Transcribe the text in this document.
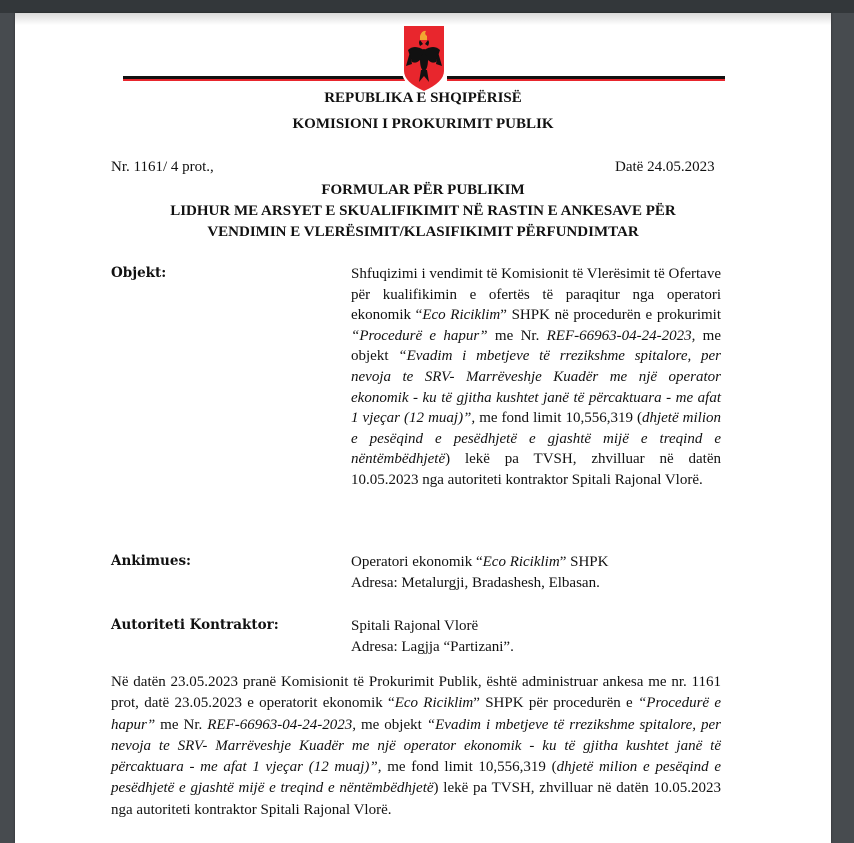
REPUBLIKA E SHQIPËRISË
KOMISIONI I PROKURIMIT PUBLIK
Nr. 1161/ 4 prot.,	Datë 24.05.2023
FORMULAR PËR PUBLIKIM
LIDHUR ME ARSYET E SKUALIFIKIMIT NË RASTIN E ANKESAVE PËR
VENDIMIN E VLERËSIMIT/KLASIFIKIMIT PËRFUNDIMTAR
Objekt:	Shfuqizimi i vendimit të Komisionit të Vlerësimit të Ofertave për kualifikimin e ofertës të paraqitur nga operatori ekonomik “Eco Riciklim” SHPK në procedurën e prokurimit “Procedurë e hapur” me Nr. REF-66963-04-24-2023, me objekt “Evadim i mbetjeve të rrezikshme spitalore, per nevoja te SRV- Marrëveshje Kuadër me një operator ekonomik - ku të gjitha kushtet janë të përcaktuara - me afat 1 vjeçar (12 muaj)”, me fond limit 10,556,319 (dhjetë milion e pesëqind e pesëdhjetë e gjashtë mijë e treqind e nëntëmbëdhjetë) lekë pa TVSH, zhvilluar në datën 10.05.2023 nga autoriteti kontraktor Spitali Rajonal Vlorë.
Ankimues:	Operatori ekonomik “Eco Riciklim” SHPK
Adresa: Metalurgji, Bradashesh, Elbasan.
Autoriteti Kontraktor:	Spitali Rajonal Vlorë
Adresa: Lagjja “Partizani”.
Në datën 23.05.2023 pranë Komisionit të Prokurimit Publik, është administruar ankesa me nr. 1161 prot, datë 23.05.2023 e operatorit ekonomik “Eco Riciklim” SHPK për procedurën e “Procedurë e hapur” me Nr. REF-66963-04-24-2023, me objekt “Evadim i mbetjeve të rrezikshme spitalore, per nevoja te SRV- Marrëveshje Kuadër me një operator ekonomik - ku të gjitha kushtet janë të përcaktuara - me afat 1 vjeçar (12 muaj)”, me fond limit 10,556,319 (dhjetë milion e pesëqind e pesëdhjetë e gjashtë mijë e treqind e nëntëmbëdhjetë) lekë pa TVSH, zhvilluar në datën 10.05.2023 nga autoriteti kontraktor Spitali Rajonal Vlorë.
